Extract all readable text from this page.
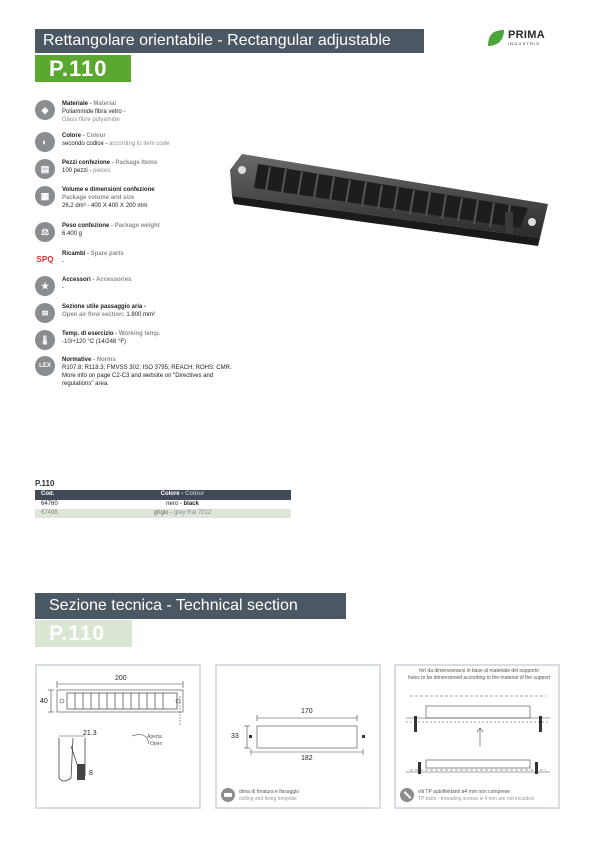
Rettangolare orientabile - Rectangular adjustable
P.110
PRIMA
INDUSTRIE
◈
Materiale - Material
Poliammide fibra vetro -
Glass fibre polyamide
◐
Colore - Colour
secondo codice - according to item code
▤
Pezzi confezione - Package Items
100 pezzi - pieces
▦
Volume e dimensioni confezione
Package volume and size
26,2 dm³ - 400 X 400 X 200 mm
⚖
Peso confezione - Package weight
6.400 g
SPQ
Ricambi - Spare parts
-
★
Accessori - Accessories
-
≋
Sezione utile passaggio aria -
Open air flow section: 1.800 mm²
🌡
Temp. di esercizio - Working temp.
-10/+120 °C (14/248 °F)
LEX
Normative - Norms
R107.8; R118.3; FMVSS 302; ISO 3795; REACH; ROHS; CMR.
More info on page C2-C3 and website on "Directives and
regulations" area.
P.110
Cod.	Colore - Colour
64760	nero - black
67498	grigio - grey Ral 7012
Sezione tecnica - Technical section
P.110
200
40
21.3
8
Aperta
Open
170
33
182
dima di foratura e fissaggio
drilling and fixing template
fori da dimensionarsi in base al materiale del supporto
holes to be dimensioned according to the material of the support
viti TP autofilettanti ø4 mm non comprese
TP bolts - threading screws ø 4 mm are not included
